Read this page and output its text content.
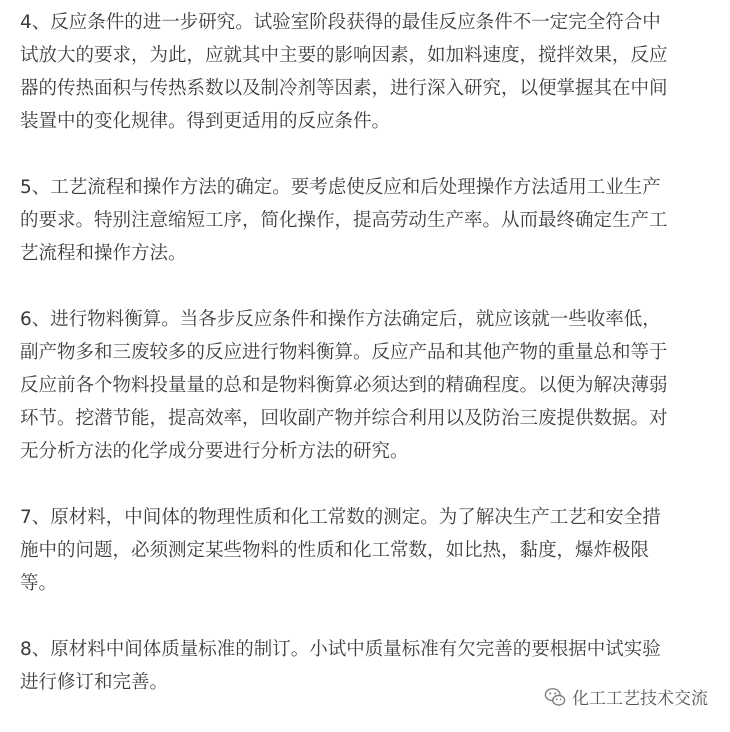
4、反应条件的进一步研究。试验室阶段获得的最佳反应条件不一定完全符合中
试放大的要求，为此，应就其中主要的影响因素，如加料速度，搅拌效果，反应
器的传热面积与传热系数以及制冷剂等因素，进行深入研究，以便掌握其在中间
装置中的变化规律。得到更适用的反应条件。

5、工艺流程和操作方法的确定。要考虑使反应和后处理操作方法适用工业生产
的要求。特别注意缩短工序，简化操作，提高劳动生产率。从而最终确定生产工
艺流程和操作方法。

6、进行物料衡算。当各步反应条件和操作方法确定后，就应该就一些收率低，
副产物多和三废较多的反应进行物料衡算。反应产品和其他产物的重量总和等于
反应前各个物料投量量的总和是物料衡算必须达到的精确程度。以便为解决薄弱
环节。挖潜节能，提高效率，回收副产物并综合利用以及防治三废提供数据。对
无分析方法的化学成分要进行分析方法的研究。

7、原材料，中间体的物理性质和化工常数的测定。为了解决生产工艺和安全措
施中的问题，必须测定某些物料的性质和化工常数，如比热，黏度，爆炸极限
等。

8、原材料中间体质量标准的制订。小试中质量标准有欠完善的要根据中试实验
进行修订和完善。

化工工艺技术交流
